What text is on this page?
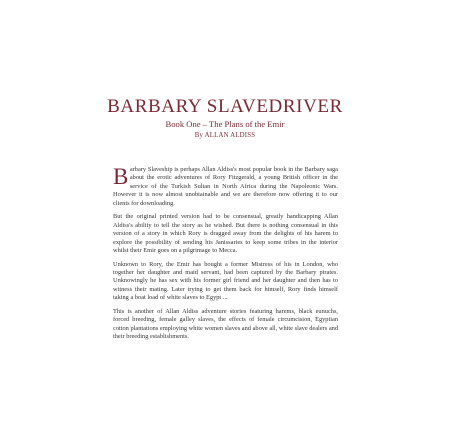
BARBARY SLAVEDRIVER
Book One – The Plans of the Emir
By ALLAN ALDISS

Barbary Slaveship is perhaps Allan Aldiss's most popular book in the Barbary saga about the erotic adventures of Rory Fitzgerald, a young British officer in the service of the Turkish Sultan in North Africa during the Napoleonic Wars. However it is now almost unobtainable and we are therefore now offering it to our clients for downloading.

But the original printed version had to be consensual, greatly handicapping Allan Aldiss's ability to tell the story as he wished. But there is nothing consensual in this version of a story in which Rory is dragged away from the delights of his harem to explore the possibility of sending his Janissaries to keep some tribes in the interior whilst their Emir goes on a pilgrimage to Mecca.

Unknown to Rory, the Emir has bought a former Mistress of his in London, who together her daughter and maid servant, had been captured by the Barbary pirates. Unknowingly he has sex with his former girl friend and her daughter and then has to witness their mating. Later trying to get them back for himself, Rory finds himself taking a boat load of white slaves to Egypt ...

This is another of Allan Aldiss adventure stories featuring harems, black eunuchs, forced breeding, female galley slaves, the effects of female circumcision, Egyptian cotton plantations employing white women slaves and above all, white slave dealers and their breeding establishments.
